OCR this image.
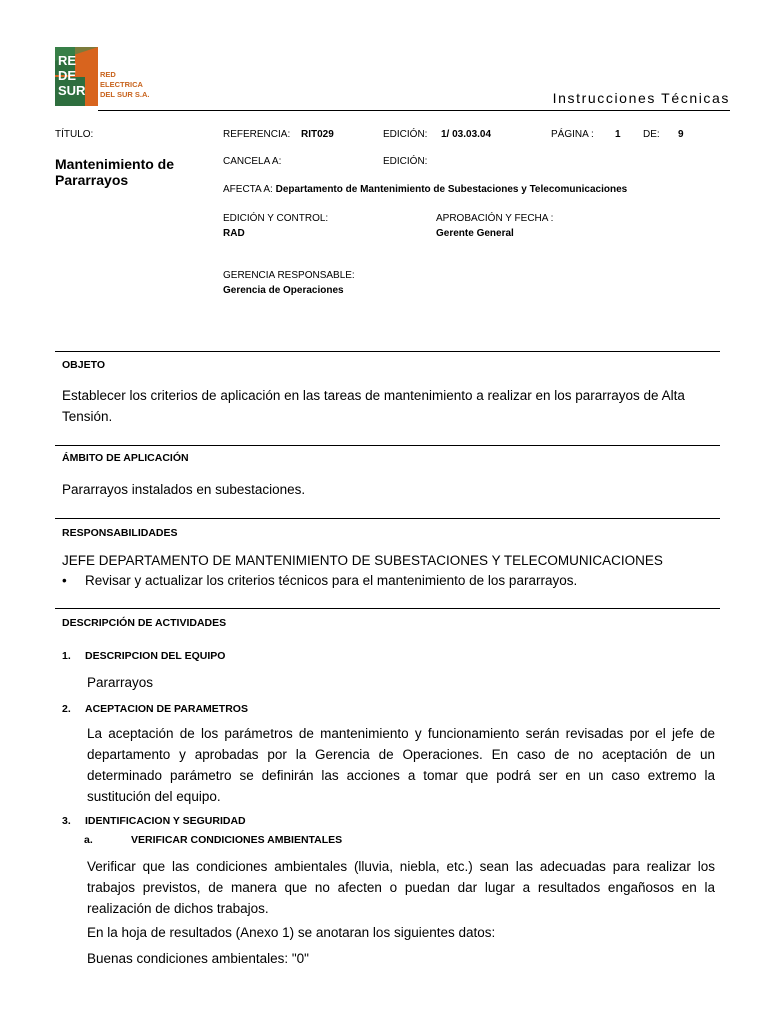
RE
DE
SUR
RED
ELECTRICA
DEL SUR S.A.	Instrucciones Técnicas
TÍTULO:
Mantenimiento de Pararrayos
REFERENCIA: RIT029	EDICIÓN: 1/ 03.03.04	PÁGINA : 1 DE: 9
CANCELA A:	EDICIÓN:
AFECTA A: Departamento de Mantenimiento de Subestaciones y Telecomunicaciones
EDICIÓN Y CONTROL:
RAD
APROBACIÓN Y FECHA :
Gerente General
GERENCIA RESPONSABLE:
Gerencia de Operaciones
OBJETO
Establecer los criterios de aplicación en las tareas de mantenimiento a realizar en los pararrayos de Alta Tensión.
ÁMBITO DE APLICACIÓN
Pararrayos instalados en subestaciones.
RESPONSABILIDADES
JEFE DEPARTAMENTO DE MANTENIMIENTO DE SUBESTACIONES Y TELECOMUNICACIONES
• Revisar y actualizar los criterios técnicos para el mantenimiento de los pararrayos.
DESCRIPCIÓN DE ACTIVIDADES
1. DESCRIPCION DEL EQUIPO
Pararrayos
2. ACEPTACION DE PARAMETROS
La aceptación de los parámetros de mantenimiento y funcionamiento serán revisadas por el jefe de departamento y aprobadas por la Gerencia de Operaciones. En caso de no aceptación de un determinado parámetro se definirán las acciones a tomar que podrá ser en un caso extremo la sustitución del equipo.
3. IDENTIFICACION Y SEGURIDAD
a.	VERIFICAR CONDICIONES AMBIENTALES
Verificar que las condiciones ambientales (lluvia, niebla, etc.) sean las adecuadas para realizar los trabajos previstos, de manera que no afecten o puedan dar lugar a resultados engañosos en la realización de dichos trabajos.
En la hoja de resultados (Anexo 1) se anotaran los siguientes datos:
Buenas condiciones ambientales: "0"
